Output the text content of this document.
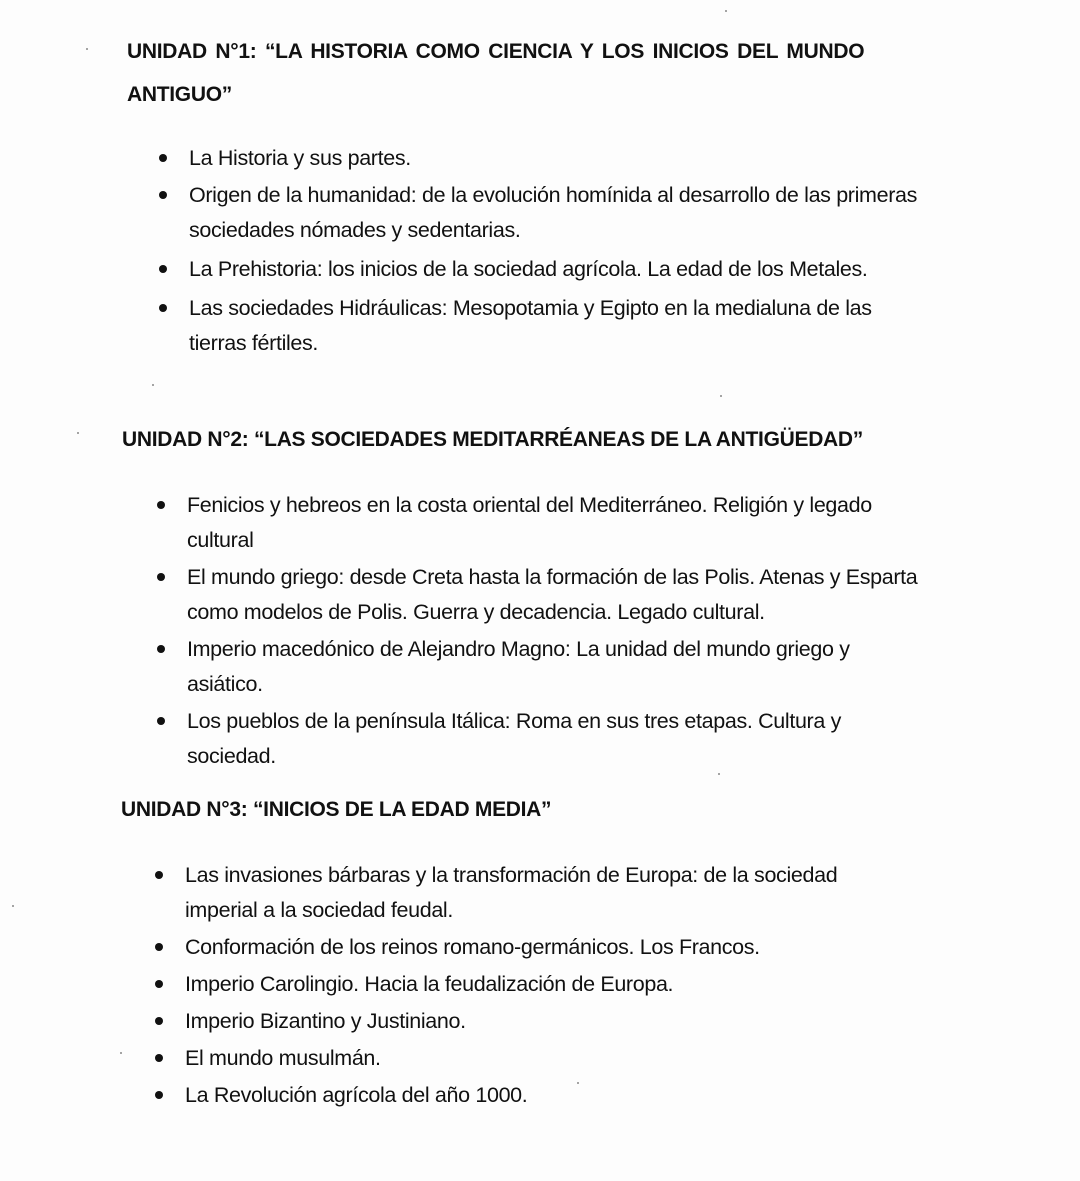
UNIDAD N°1: “LA HISTORIA COMO CIENCIA Y LOS INICIOS DEL MUNDO
ANTIGUO”
La Historia y sus partes.
Origen de la humanidad: de la evolución homínida al desarrollo de las primeras sociedades nómades y sedentarias.
La Prehistoria: los inicios de la sociedad agrícola. La edad de los Metales.
Las sociedades Hidráulicas: Mesopotamia y Egipto en la medialuna de las tierras fértiles.
UNIDAD N°2: “LAS SOCIEDADES MEDITARRÉANEAS DE LA ANTIGÜEDAD”
Fenicios y hebreos en la costa oriental del Mediterráneo. Religión y legado cultural
El mundo griego: desde Creta hasta la formación de las Polis. Atenas y Esparta como modelos de Polis. Guerra y decadencia. Legado cultural.
Imperio macedónico de Alejandro Magno: La unidad del mundo griego y asiático.
Los pueblos de la península Itálica: Roma en sus tres etapas. Cultura y sociedad.
UNIDAD N°3: “INICIOS DE LA EDAD MEDIA”
Las invasiones bárbaras y la transformación de Europa: de la sociedad imperial a la sociedad feudal.
Conformación de los reinos romano-germánicos. Los Francos.
Imperio Carolingio. Hacia la feudalización de Europa.
Imperio Bizantino y Justiniano.
El mundo musulmán.
La Revolución agrícola del año 1000.
